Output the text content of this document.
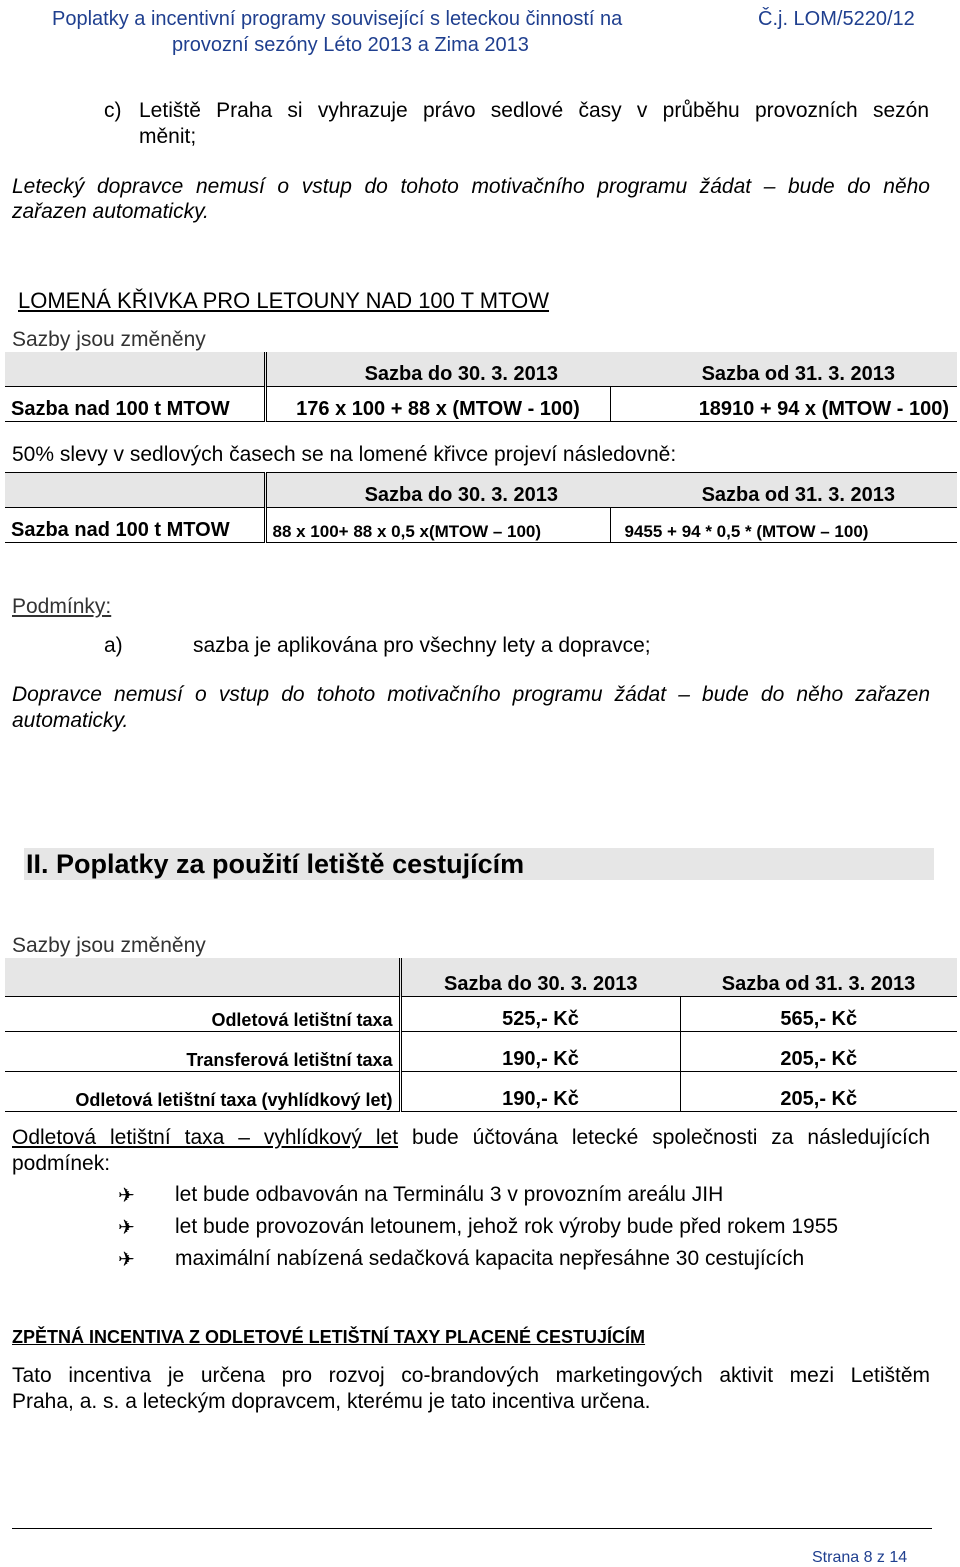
Poplatky a incentivní programy související s leteckou činností na
provozní sezóny Léto 2013 a Zima 2013
Č.j. LOM/5220/12
c) Letiště Praha si vyhrazuje právo sedlové časy v průběhu provozních sezón
měnit;
Letecký dopravce nemusí o vstup do tohoto motivačního programu žádat – bude do něho
zařazen automaticky.
LOMENÁ KŘIVKA PRO LETOUNY NAD 100 T MTOW
Sazby jsou změněny
	Sazba do 30. 3. 2013	Sazba od 31. 3. 2013
Sazba nad 100 t MTOW	176 x 100 + 88 x (MTOW - 100)	18910 + 94 x (MTOW - 100)
50% slevy v sedlových časech se na lomené křivce projeví následovně:
	Sazba do 30. 3. 2013	Sazba od 31. 3. 2013
Sazba nad 100 t MTOW	88 x 100+ 88 x 0,5 x(MTOW – 100)	9455 + 94 * 0,5 * (MTOW – 100)
Podmínky:
a)	sazba je aplikována pro všechny lety a dopravce;
Dopravce nemusí o vstup do tohoto motivačního programu žádat – bude do něho zařazen
automaticky.
II. Poplatky za použití letiště cestujícím
Sazby jsou změněny
	Sazba do 30. 3. 2013	Sazba od 31. 3. 2013
Odletová letištní taxa	525,- Kč	565,- Kč
Transferová letištní taxa	190,- Kč	205,- Kč
Odletová letištní taxa (vyhlídkový let)	190,- Kč	205,- Kč
Odletová letištní taxa – vyhlídkový let bude účtována letecké společnosti za následujících
podmínek:
✈ let bude odbavován na Terminálu 3 v provozním areálu JIH
✈ let bude provozován letounem, jehož rok výroby bude před rokem 1955
✈ maximální nabízená sedačková kapacita nepřesáhne 30 cestujících
ZPĚTNÁ INCENTIVA Z ODLETOVÉ LETIŠTNÍ TAXY PLACENÉ CESTUJÍCÍM
Tato incentiva je určena pro rozvoj co-brandových marketingových aktivit mezi Letištěm
Praha, a. s. a leteckým dopravcem, kterému je tato incentiva určena.
Strana 8 z 14
